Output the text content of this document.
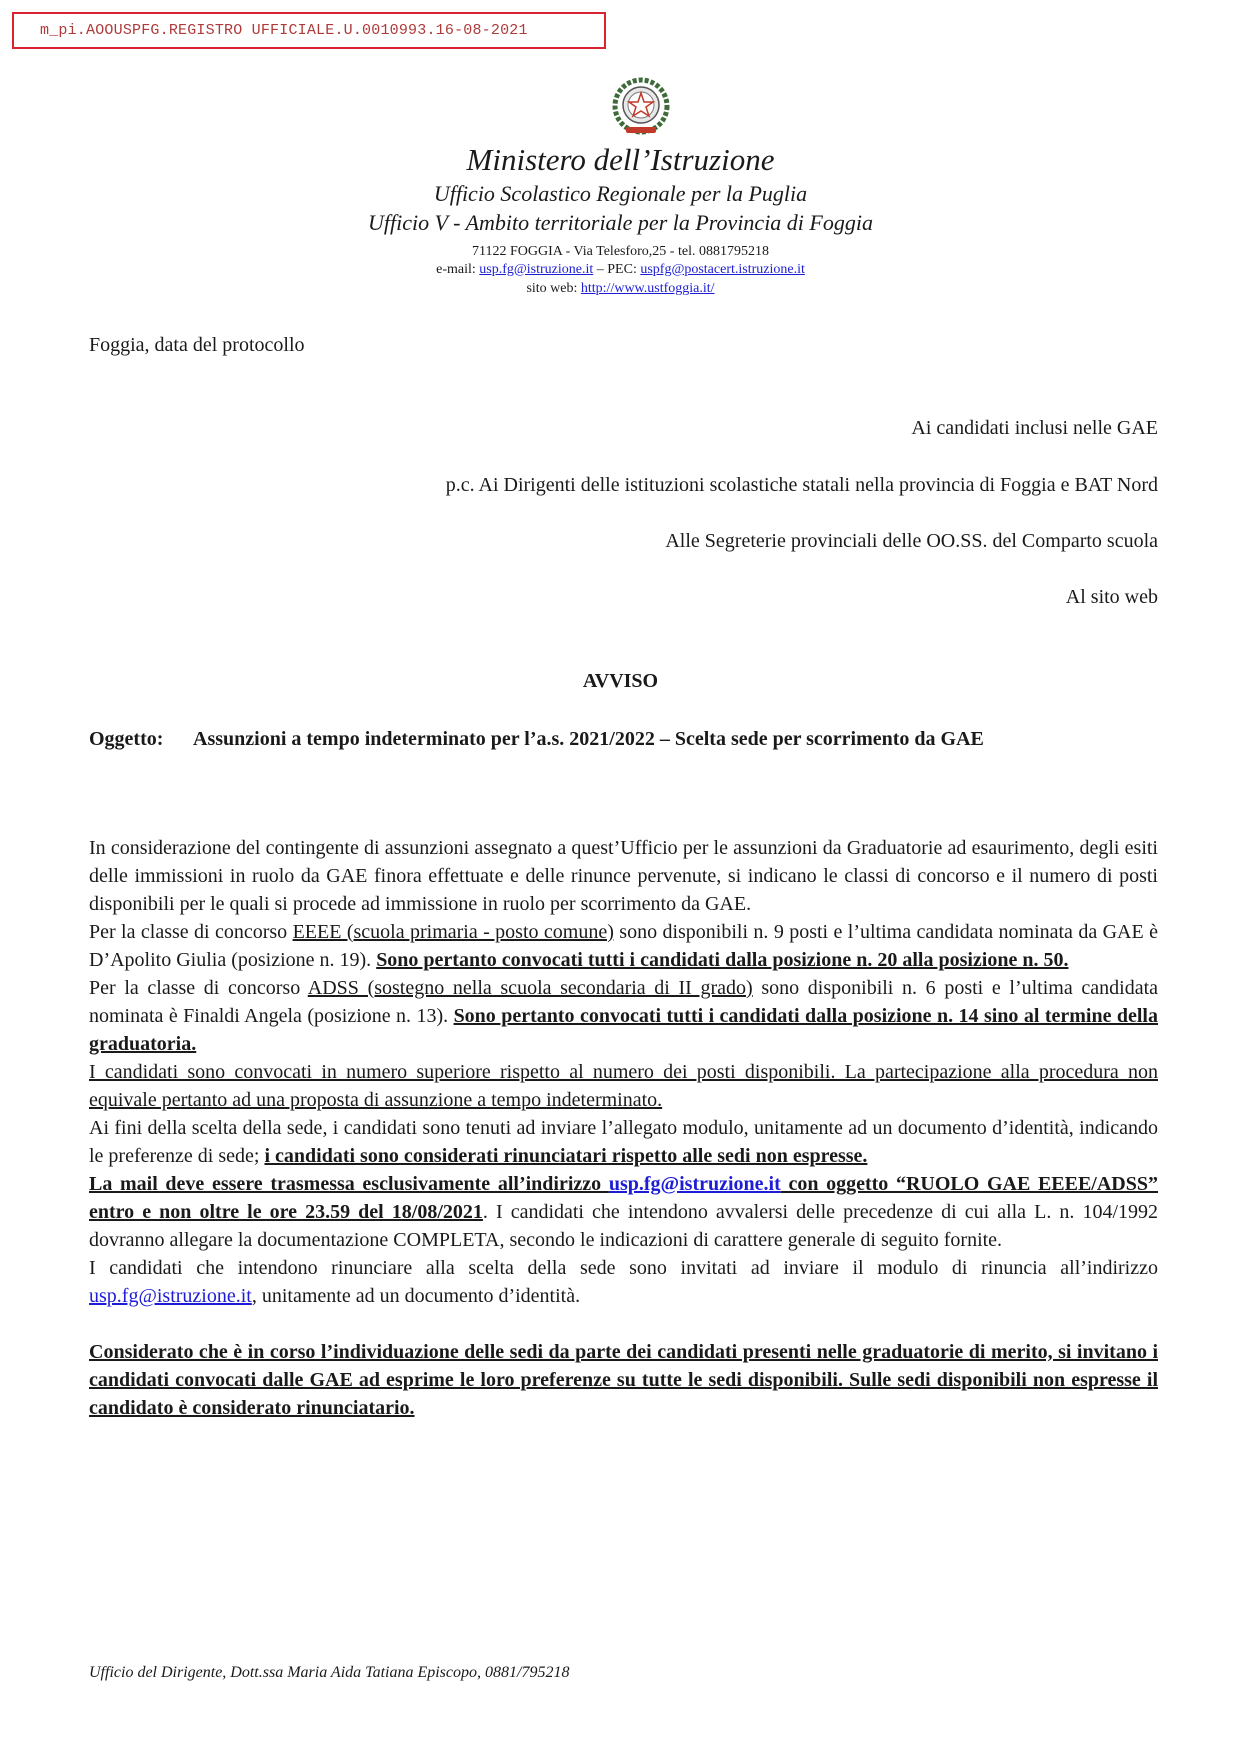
m_pi.AOOUSPFG.REGISTRO UFFICIALE.U.0010993.16-08-2021
Ministero dell’Istruzione
Ufficio Scolastico Regionale per la Puglia
Ufficio V - Ambito territoriale per la Provincia di Foggia
71122 FOGGIA - Via Telesforo,25 - tel. 0881795218
e-mail: usp.fg@istruzione.it – PEC: uspfg@postacert.istruzione.it
sito web: http://www.ustfoggia.it/
Foggia, data del protocollo
Ai candidati inclusi nelle GAE
p.c. Ai Dirigenti delle istituzioni scolastiche statali nella provincia di Foggia e BAT Nord
Alle Segreterie provinciali delle OO.SS. del Comparto scuola
Al sito web
AVVISO
Oggetto:	Assunzioni a tempo indeterminato per l’a.s. 2021/2022 – Scelta sede per scorrimento da GAE

In considerazione del contingente di assunzioni assegnato a quest’Ufficio per le assunzioni da Graduatorie ad esaurimento, degli esiti delle immissioni in ruolo da GAE finora effettuate e delle rinunce pervenute, si indicano le classi di concorso e il numero di posti disponibili per le quali si procede ad immissione in ruolo per scorrimento da GAE.

Per la classe di concorso EEEE (scuola primaria - posto comune) sono disponibili n. 9 posti e l’ultima candidata nominata da GAE è D’Apolito Giulia (posizione n. 19). Sono pertanto convocati tutti i candidati dalla posizione n. 20 alla posizione n. 50.

Per la classe di concorso ADSS (sostegno nella scuola secondaria di II grado) sono disponibili n. 6 posti e l’ultima candidata nominata è Finaldi Angela (posizione n. 13). Sono pertanto convocati tutti i candidati dalla posizione n. 14 sino al termine della graduatoria.

I candidati sono convocati in numero superiore rispetto al numero dei posti disponibili. La partecipazione alla procedura non equivale pertanto ad una proposta di assunzione a tempo indeterminato.

Ai fini della scelta della sede, i candidati sono tenuti ad inviare l’allegato modulo, unitamente ad un documento d’identità, indicando le preferenze di sede; i candidati sono considerati rinunciatari rispetto alle sedi non espresse.

La mail deve essere trasmessa esclusivamente all’indirizzo usp.fg@istruzione.it con oggetto “RUOLO GAE EEEE/ADSS” entro e non oltre le ore 23.59 del 18/08/2021. I candidati che intendono avvalersi delle precedenze di cui alla L. n. 104/1992 dovranno allegare la documentazione COMPLETA, secondo le indicazioni di carattere generale di seguito fornite.

I candidati che intendono rinunciare alla scelta della sede sono invitati ad inviare il modulo di rinuncia all’indirizzo usp.fg@istruzione.it, unitamente ad un documento d’identità.

Considerato che è in corso l’individuazione delle sedi da parte dei candidati presenti nelle graduatorie di merito, si invitano i candidati convocati dalle GAE ad esprime le loro preferenze su tutte le sedi disponibili. Sulle sedi disponibili non espresse il candidato è considerato rinunciatario.

Ufficio del Dirigente, Dott.ssa Maria Aida Tatiana Episcopo, 0881/795218
